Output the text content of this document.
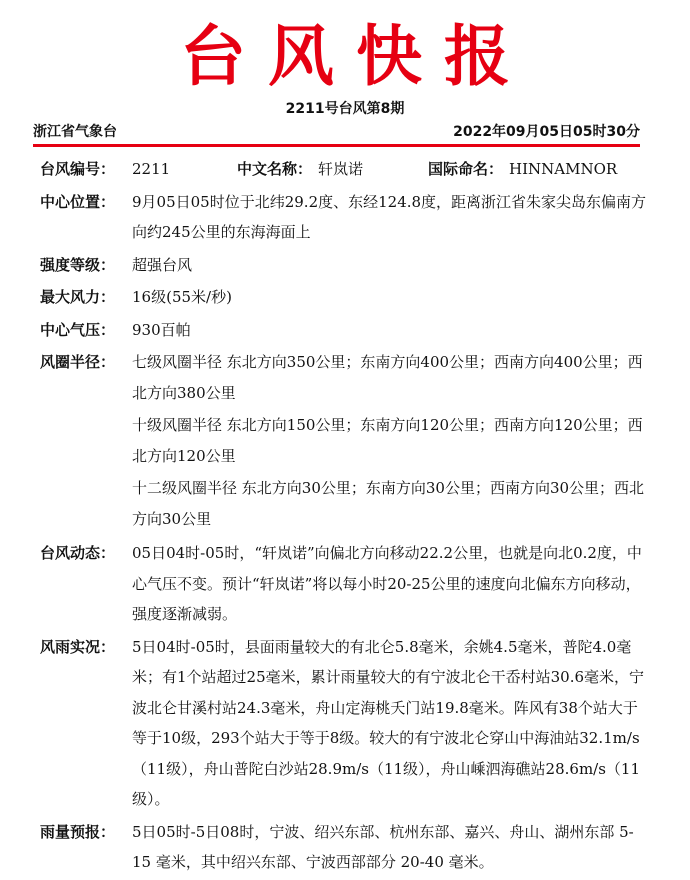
台风快报
2211号台风第8期
浙江省气象台	2022年09月05日05时30分
台风编号：	2211	中文名称： 轩岚诺	国际命名： HINNAMNOR
中心位置：	9月05日05时位于北纬29.2度、东经124.8度，距离浙江省朱家尖岛东偏南方向约245公里的东海海面上
强度等级：	超强台风
最大风力：	16级(55米/秒)
中心气压：	930百帕
风圈半径：	七级风圈半径 东北方向350公里；东南方向400公里；西南方向400公里；西北方向380公里
十级风圈半径 东北方向150公里；东南方向120公里；西南方向120公里；西北方向120公里
十二级风圈半径 东北方向30公里；东南方向30公里；西南方向30公里；西北方向30公里
台风动态：	05日04时-05时，“轩岚诺”向偏北方向移动22.2公里，也就是向北0.2度，中心气压不变。预计“轩岚诺”将以每小时20-25公里的速度向北偏东方向移动，强度逐渐减弱。
风雨实况：	5日04时-05时，县面雨量较大的有北仑5.8毫米，余姚4.5毫米，普陀4.0毫米；有1个站超过25毫米，累计雨量较大的有宁波北仑干岙村站30.6毫米，宁波北仑甘溪村站24.3毫米，舟山定海桃夭门站19.8毫米。阵风有38个站大于等于10级，293个站大于等于8级。较大的有宁波北仑穿山中海油站32.1m/s（11级），舟山普陀白沙站28.9m/s（11级），舟山嵊泗海礁站28.6m/s（11级）。
雨量预报：	5日05时-5日08时，宁波、绍兴东部、杭州东部、嘉兴、舟山、湖州东部 5-15 毫米，其中绍兴东部、宁波西部部分 20-40 毫米。
